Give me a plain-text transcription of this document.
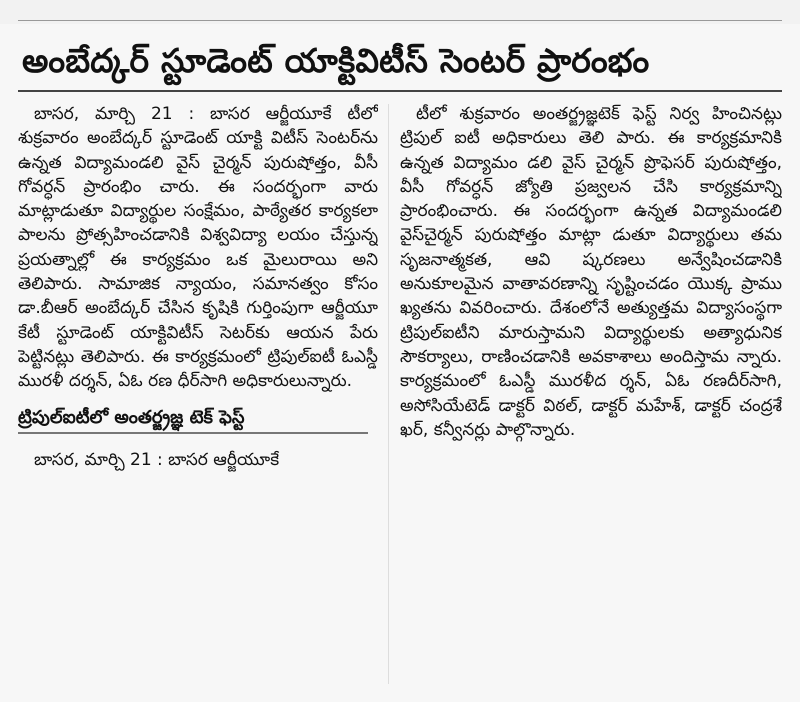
అంబేద్కర్ స్టూడెంట్ యాక్టివిటీస్ సెంటర్ ప్రారంభం

బాసర, మార్చి 21 : బాసర ఆర్జీయూకే టీలో శుక్రవారం అంబేద్కర్ స్టూడెంట్ యాక్టి విటీస్ సెంటర్‌ను ఉన్నత విద్యామండలి వైస్ చైర్మన్ పురుషోత్తం, వీసీ గోవర్ధన్ ప్రారంభిం చారు. ఈ సందర్భంగా వారు మాట్లాడుతూ విద్యార్థుల సంక్షేమం, పాఠ్యేతర కార్యకలా పాలను ప్రోత్సహించడానికి విశ్వవిద్యా లయం చేస్తున్న ప్రయత్నాల్లో ఈ కార్యక్రమం ఒక మైలురాయి అని తెలిపారు. సామాజిక న్యాయం, సమానత్వం కోసం డా.బీఆర్ అంబేద్కర్ చేసిన కృషికి గుర్తింపుగా ఆర్జీయూ కేటీ స్టూడెంట్ యాక్టివిటీస్ సెటర్‌కు ఆయన పేరు పెట్టినట్లు తెలిపారు. ఈ కార్యక్రమంలో ట్రిపుల్‌ఐటీ ఓఎస్డీ మురళీ దర్శన్, ఏఓ రణ ధీర్‌సాగి అధికారులున్నారు.

ట్రిపుల్ఐటీలో అంతర్జ్రజ్ఞ టెక్ ఫెస్ట్

బాసర, మార్చి 21 : బాసర ఆర్జీయూకే

టీలో శుక్రవారం అంతర్జ్రజ్ఞటెక్ ఫెస్ట్ నిర్వ హించినట్లు ట్రిపుల్ ఐటీ అధికారులు తెలి పారు. ఈ కార్యక్రమానికి ఉన్నత విద్యామం డలి వైస్ చైర్మన్ ప్రొఫెసర్ పురుషోత్తం, వీసీ గోవర్ధన్ జ్యోతి ప్రజ్వలన చేసి కార్యక్రమాన్ని ప్రారంభించారు. ఈ సందర్భంగా ఉన్నత విద్యామండలి వైస్‌చైర్మన్ పురుషోత్తం మాట్లా డుతూ విద్యార్థులు తమ సృజనాత్మకత, ఆవి ష్కరణలు అన్వేషించడానికి అనుకూలమైన వాతావరణాన్ని సృష్టించడం యొక్క ప్రాము ఖ్యతను వివరించారు. దేశంలోనే అత్యుత్తమ విద్యాసంస్థగా ట్రిపుల్‌ఐటీని మారుస్తామని విద్యార్థులకు అత్యాధునిక సౌకర్యాలు, రాణించడానికి అవకాశాలు అందిస్తామ న్నారు. కార్యక్రమంలో ఓఎస్డీ మురళీద ర్శన్, ఏఓ రణదీర్‌సాగి, అసోసియేటెడ్ డాక్టర్ విఠల్, డాక్టర్ మహేశ్, డాక్టర్ చంద్రశే ఖర్, కన్వీనర్లు పాల్గొన్నారు.
